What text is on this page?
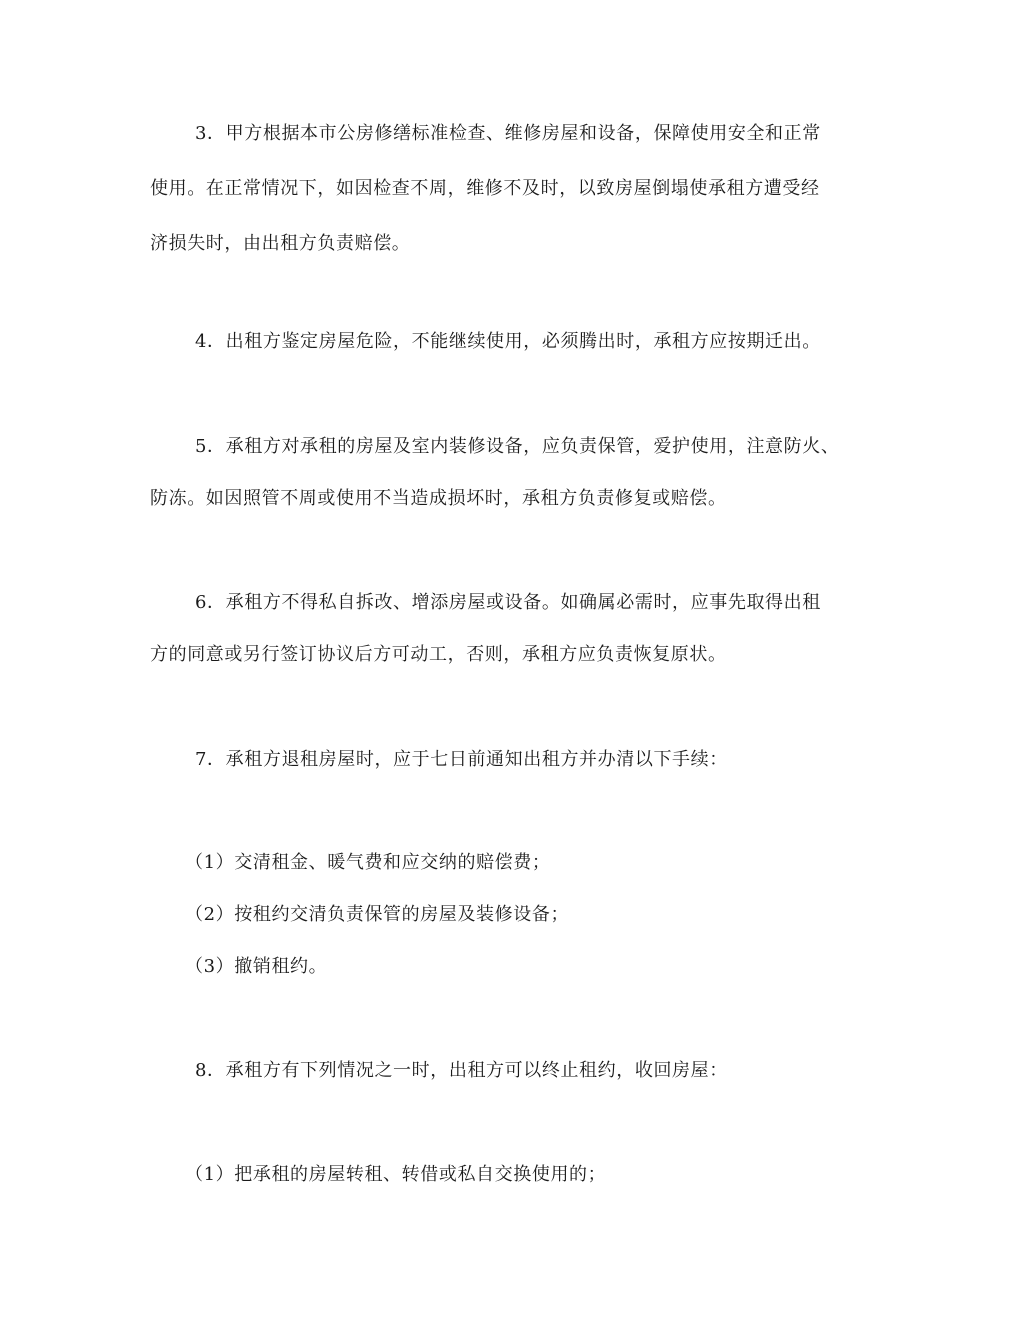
3．甲方根据本市公房修缮标准检查、维修房屋和设备，保障使用安全和正常
使用。在正常情况下，如因检查不周，维修不及时，以致房屋倒塌使承租方遭受经
济损失时，由出租方负责赔偿。
4．出租方鉴定房屋危险，不能继续使用，必须腾出时，承租方应按期迁出。
5．承租方对承租的房屋及室内装修设备，应负责保管，爱护使用，注意防火、
防冻。如因照管不周或使用不当造成损坏时，承租方负责修复或赔偿。
6．承租方不得私自拆改、增添房屋或设备。如确属必需时，应事先取得出租
方的同意或另行签订协议后方可动工，否则，承租方应负责恢复原状。
7．承租方退租房屋时，应于七日前通知出租方并办清以下手续：
（1）交清租金、暖气费和应交纳的赔偿费；
（2）按租约交清负责保管的房屋及装修设备；
（3）撤销租约。
8．承租方有下列情况之一时，出租方可以终止租约，收回房屋：
（1）把承租的房屋转租、转借或私自交换使用的；
